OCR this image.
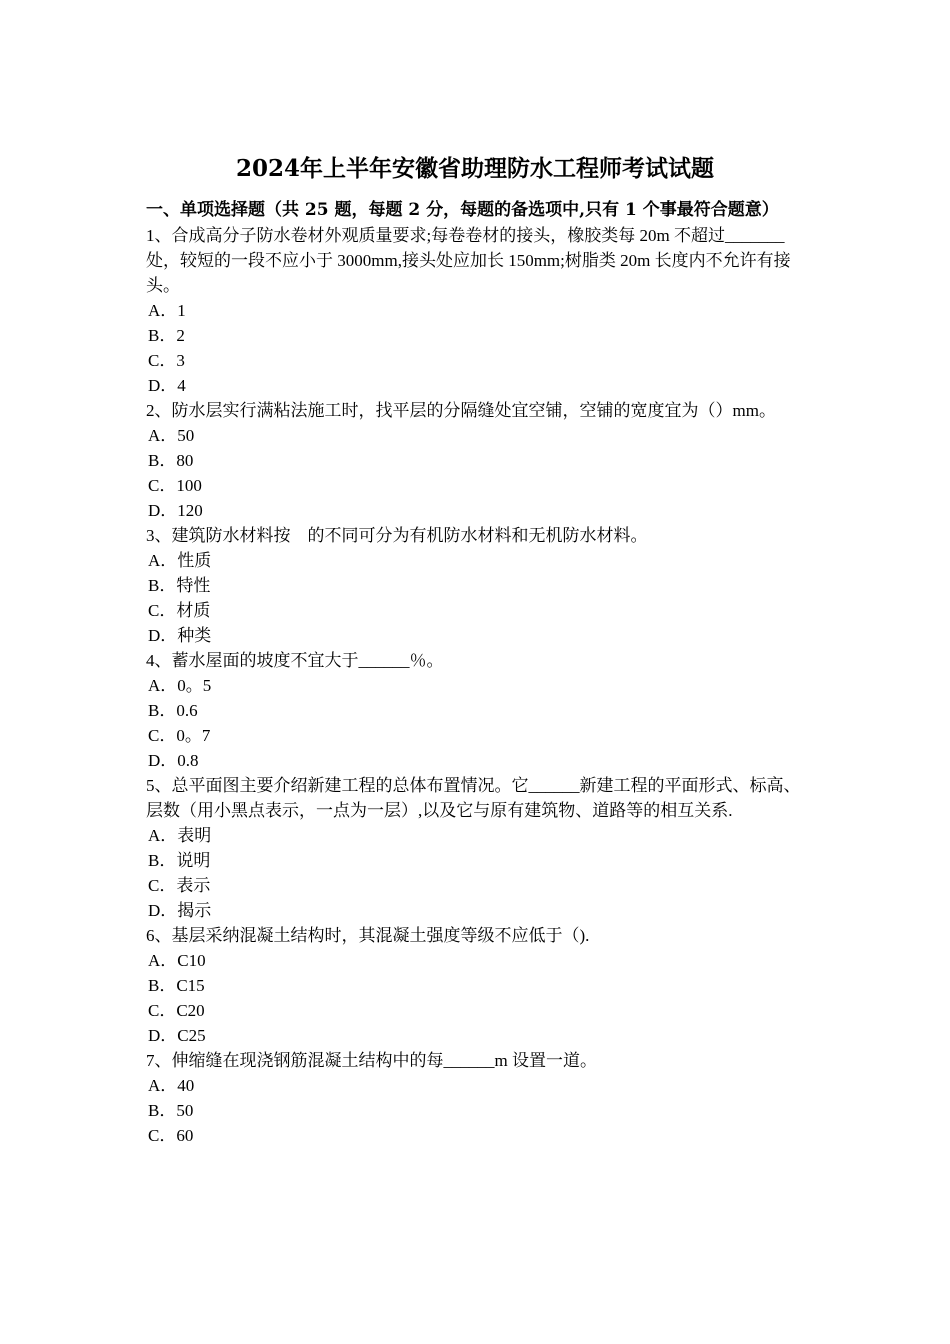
2024年上半年安徽省助理防水工程师考试试题
一、单项选择题（共 25 题，每题 2 分，每题的备选项中,只有 1 个事最符合题意）

1、合成高分子防水卷材外观质量要求;每卷卷材的接头，橡胶类每 20m 不超过_______处，较短的一段不应小于 3000mm,接头处应加长 150mm;树脂类 20m 长度内不允许有接头。

A．1

B．2

C．3

D．4

2、防水层实行满粘法施工时，找平层的分隔缝处宜空铺，空铺的宽度宜为（）mm。

A．50

B．80

C．100

D．120

3、建筑防水材料按    的不同可分为有机防水材料和无机防水材料。

A．性质

B．特性

C．材质

D．种类

4、蓄水屋面的坡度不宜大于______％。

A．0。5

B．0.6

C．0。7

D．0.8

5、总平面图主要介绍新建工程的总体布置情况。它______新建工程的平面形式、标高、层数（用小黑点表示，一点为一层）,以及它与原有建筑物、道路等的相互关系.

A．表明

B．说明

C．表示

D．揭示

6、基层采纳混凝土结构时，其混凝土强度等级不应低于（).

A．C10

B．C15

C．C20

D．C25

7、伸缩缝在现浇钢筋混凝土结构中的每______m 设置一道。

A．40

B．50

C．60
